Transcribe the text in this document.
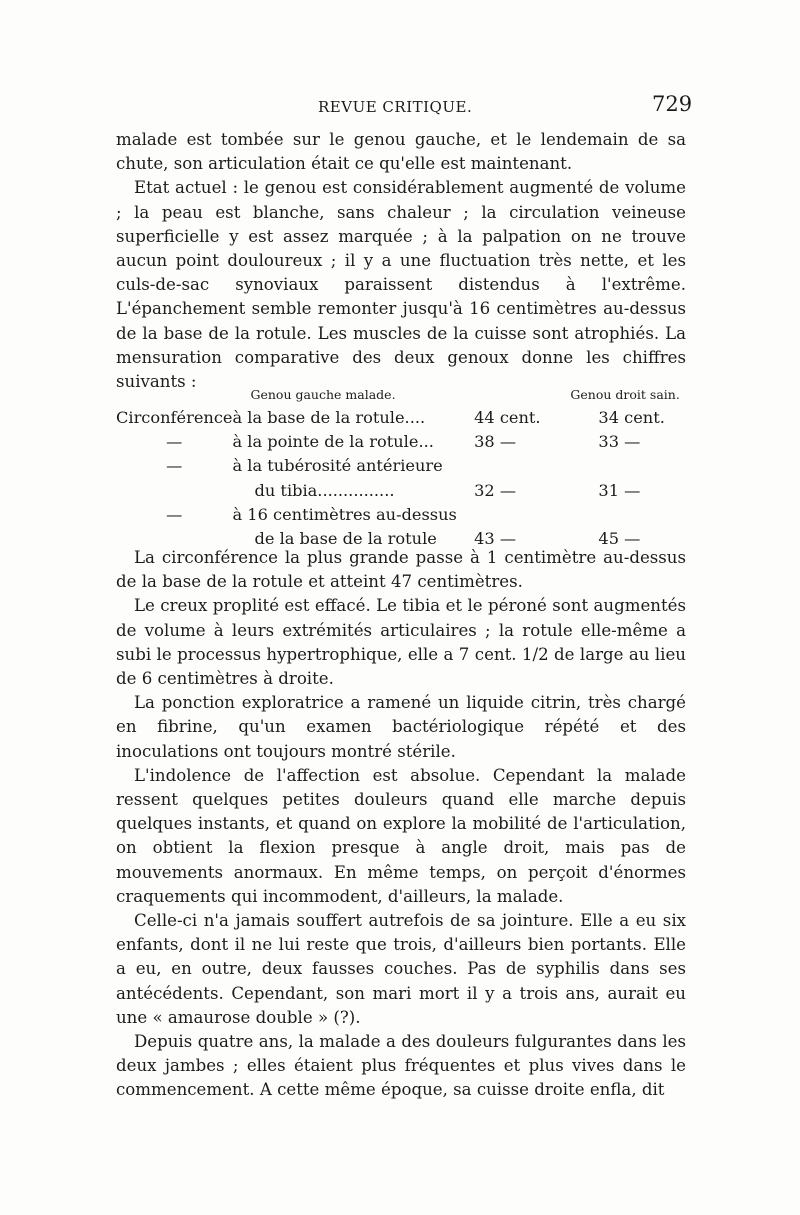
REVUE CRITIQUE.	729

malade est tombée sur le genou gauche, et le lendemain de sa chute, son articulation était ce qu'elle est maintenant.

Etat actuel : le genou est considérablement augmenté de volume ; la peau est blanche, sans chaleur ; la circulation veineuse superficielle y est assez marquée ; à la palpation on ne trouve aucun point douloureux ; il y a une fluctuation très nette, et les culs-de-sac synoviaux paraissent distendus à l'extrême. L'épanchement semble remonter jusqu'à 16 centimètres au-dessus de la base de la rotule. Les muscles de la cuisse sont atrophiés. La mensuration comparative des deux genoux donne les chiffres suivants :

	Genou gauche malade.		Genou droit sain.
Circonférence	à la base de la rotule....	44 cent.	34 cent.
—	à la pointe de la rotule...	38 —	33 —
—	à la tubérosité antérieure		
	du tibia...............	32 —	31 —
—	à 16 centimètres au-dessus		
	de la base de la rotule	43 —	45 —

La circonférence la plus grande passe à 1 centimètre au-dessus de la base de la rotule et atteint 47 centimètres.

Le creux proplité est effacé. Le tibia et le péroné sont augmentés de volume à leurs extrémités articulaires ; la rotule elle-même a subi le processus hypertrophique, elle a 7 cent. 1/2 de large au lieu de 6 centimètres à droite.

La ponction exploratrice a ramené un liquide citrin, très chargé en fibrine, qu'un examen bactériologique répété et des inoculations ont toujours montré stérile.

L'indolence de l'affection est absolue. Cependant la malade ressent quelques petites douleurs quand elle marche depuis quelques instants, et quand on explore la mobilité de l'articulation, on obtient la flexion presque à angle droit, mais pas de mouvements anormaux. En même temps, on perçoit d'énormes craquements qui incommodent, d'ailleurs, la malade.

Celle-ci n'a jamais souffert autrefois de sa jointure. Elle a eu six enfants, dont il ne lui reste que trois, d'ailleurs bien portants. Elle a eu, en outre, deux fausses couches. Pas de syphilis dans ses antécédents. Cependant, son mari mort il y a trois ans, aurait eu une « amaurose double » (?).

Depuis quatre ans, la malade a des douleurs fulgurantes dans les deux jambes ; elles étaient plus fréquentes et plus vives dans le commencement. A cette même époque, sa cuisse droite enfla, dit
